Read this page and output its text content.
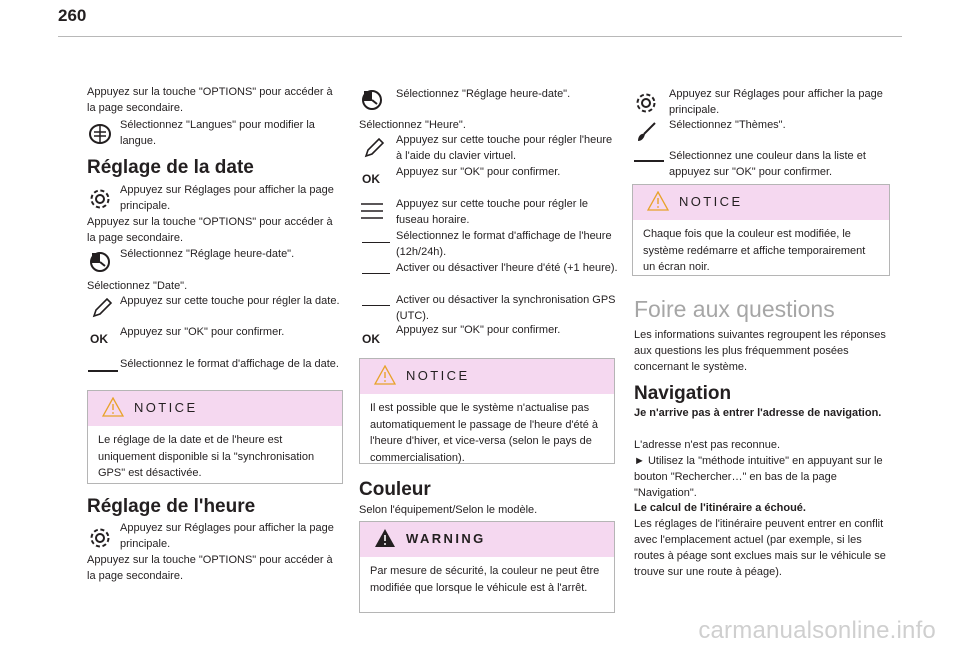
260

Appuyez sur la touche "OPTIONS" pour accéder à la page secondaire.

Sélectionnez "Langues" pour modifier la langue.

Réglage de la date

Appuyez sur Réglages pour afficher la page principale.

Appuyez sur la touche "OPTIONS" pour accéder à la page secondaire.

Sélectionnez "Réglage heure-date".

Sélectionnez "Date".

Appuyez sur cette touche pour régler la date.

OK Appuyez sur "OK" pour confirmer.

Sélectionnez le format d'affichage de la date.

NOTICE
Le réglage de la date et de l'heure est uniquement disponible si la "synchronisation GPS" est désactivée.
Réglage de l'heure

Appuyez sur Réglages pour afficher la page principale.

Appuyez sur la touche "OPTIONS" pour accéder à la page secondaire.

Sélectionnez "Réglage heure-date".

Sélectionnez "Heure".

Appuyez sur cette touche pour régler l'heure à l'aide du clavier virtuel.

OK Appuyez sur "OK" pour confirmer.

Appuyez sur cette touche pour régler le fuseau horaire.

Sélectionnez le format d'affichage de l'heure (12h/24h).

Activer ou désactiver l'heure d'été (+1 heure).

Activer ou désactiver la synchronisation GPS (UTC).

OK

Appuyez sur "OK" pour confirmer.

NOTICE
Il est possible que le système n'actualise pas automatiquement le passage de l'heure d'été à l'heure d'hiver, et vice-versa (selon le pays de commercialisation).
Couleur

Selon l'équipement/Selon le modèle.

WARNING
Par mesure de sécurité, la couleur ne peut être modifiée que lorsque le véhicule est à l'arrêt.

Appuyez sur Réglages pour afficher la page principale.

Sélectionnez "Thèmes".

Sélectionnez une couleur dans la liste et appuyez sur "OK" pour confirmer.

NOTICE
Chaque fois que la couleur est modifiée, le système redémarre et affiche temporairement un écran noir.
Foire aux questions

Les informations suivantes regroupent les réponses aux questions les plus fréquemment posées concernant le système.

Navigation

Je n'arrive pas à entrer l'adresse de navigation.

L'adresse n'est pas reconnue.

► Utilisez la "méthode intuitive" en appuyant sur le bouton "Rechercher…" en bas de la page "Navigation".

Le calcul de l'itinéraire a échoué.

Les réglages de l'itinéraire peuvent entrer en conflit avec l'emplacement actuel (par exemple, si les routes à péage sont exclues mais sur le véhicule se trouve sur une route à péage).

carmanualsonline.info
